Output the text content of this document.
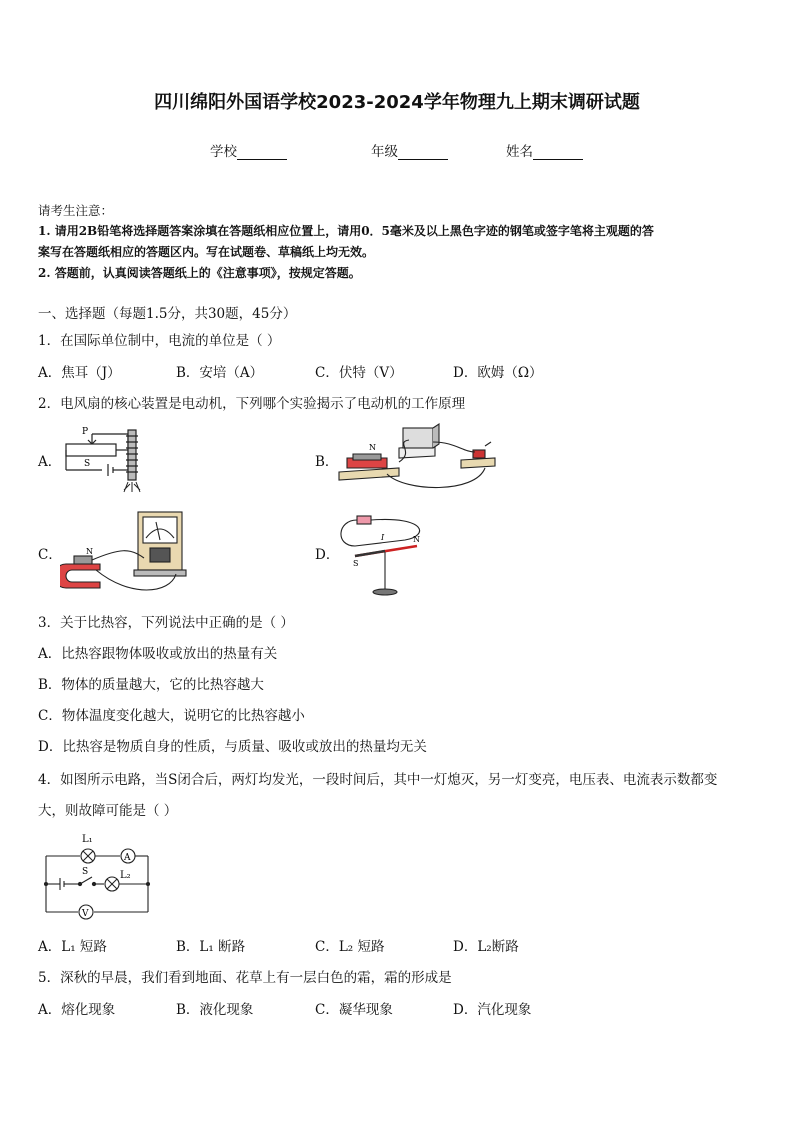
四川绵阳外国语学校2023-2024学年物理九上期末调研试题
学校	年级	姓名
请考生注意：
1. 请用2B铅笔将选择题答案涂填在答题纸相应位置上，请用0．5毫米及以上黑色字迹的钢笔或签字笔将主观题的答
案写在答题纸相应的答题区内。写在试题卷、草稿纸上均无效。
2. 答题前，认真阅读答题纸上的《注意事项》，按规定答题。
一、选择题（每题1.5分，共30题，45分）
1．在国际单位制中，电流的单位是（ ）
A．焦耳（J）	B．安培（A）	C．伏特（V）	D．欧姆（Ω）
2．电风扇的核心装置是电动机，下列哪个实验揭示了电动机的工作原理
A．
P
S	B．
N
C．	N	D．
S
N
I
3．关于比热容，下列说法中正确的是（ ）
A．比热容跟物体吸收或放出的热量有关
B．物体的质量越大，它的比热容越大
C．物体温度变化越大，说明它的比热容越小
D．比热容是物质自身的性质，与质量、吸收或放出的热量均无关
4．如图所示电路，当S闭合后，两灯均发光，一段时间后，其中一灯熄灭，另一灯变亮，电压表、电流表示数都变
大，则故障可能是（ ）
L₁
A
S	L₂
V
A．L₁ 短路	B．L₁ 断路	C．L₂ 短路	D．L₂断路
5．深秋的早晨，我们看到地面、花草上有一层白色的霜，霜的形成是
A．熔化现象	B．液化现象	C．凝华现象	D．汽化现象
